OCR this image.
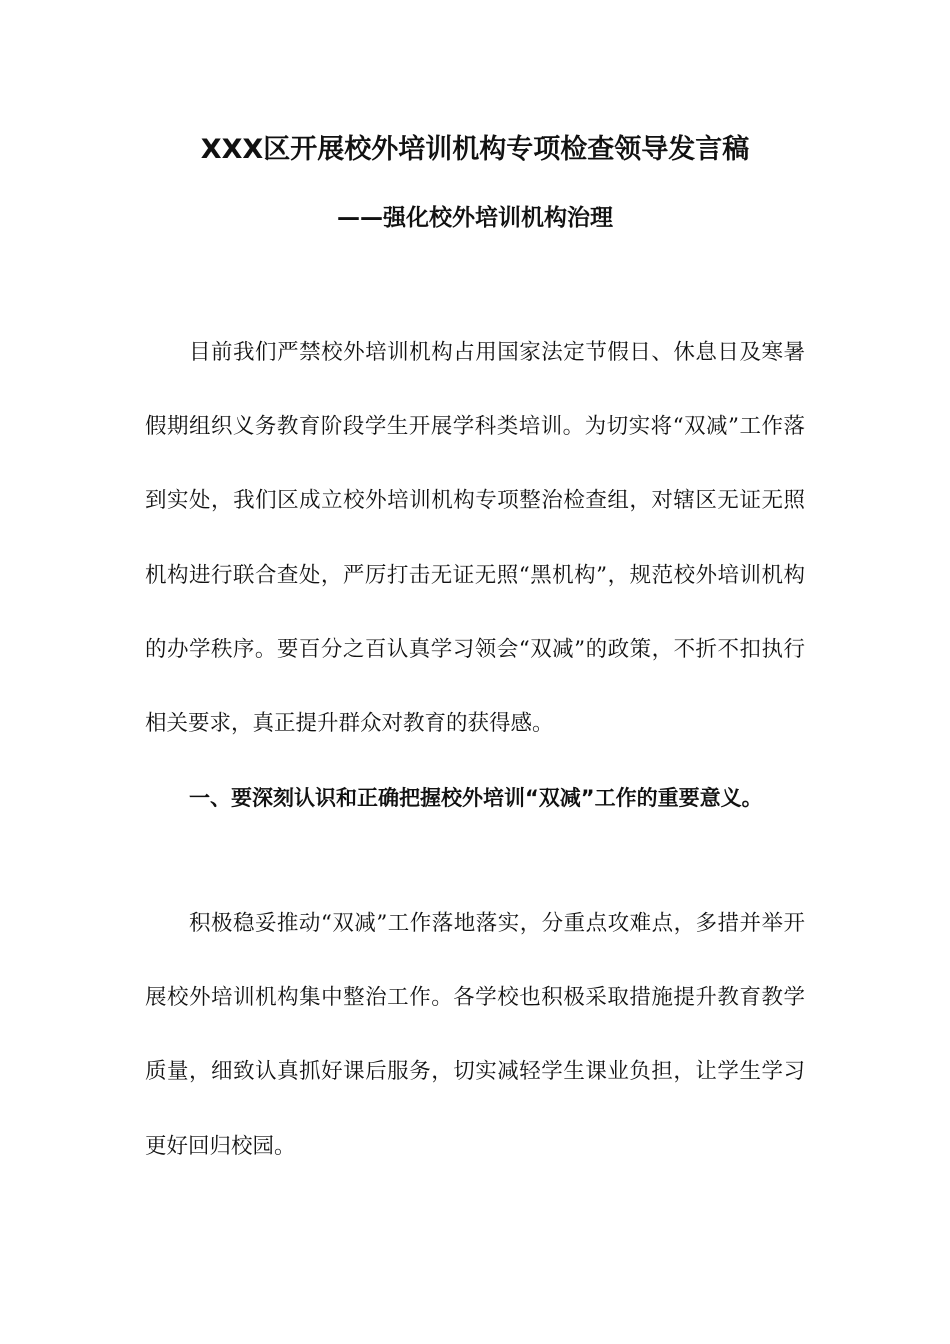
XXX区开展校外培训机构专项检查领导发言稿
——强化校外培训机构治理

目前我们严禁校外培训机构占用国家法定节假日、休息日及寒暑假期组织义务教育阶段学生开展学科类培训。为切实将“双减”工作落到实处，我们区成立校外培训机构专项整治检查组，对辖区无证无照机构进行联合查处，严厉打击无证无照“黑机构”，规范校外培训机构的办学秩序。要百分之百认真学习领会“双减”的政策，不折不扣执行相关要求，真正提升群众对教育的获得感。

一、要深刻认识和正确把握校外培训“双减”工作的重要意义。

积极稳妥推动“双减”工作落地落实，分重点攻难点，多措并举开展校外培训机构集中整治工作。各学校也积极采取措施提升教育教学质量，细致认真抓好课后服务，切实减轻学生课业负担，让学生学习更好回归校园。
